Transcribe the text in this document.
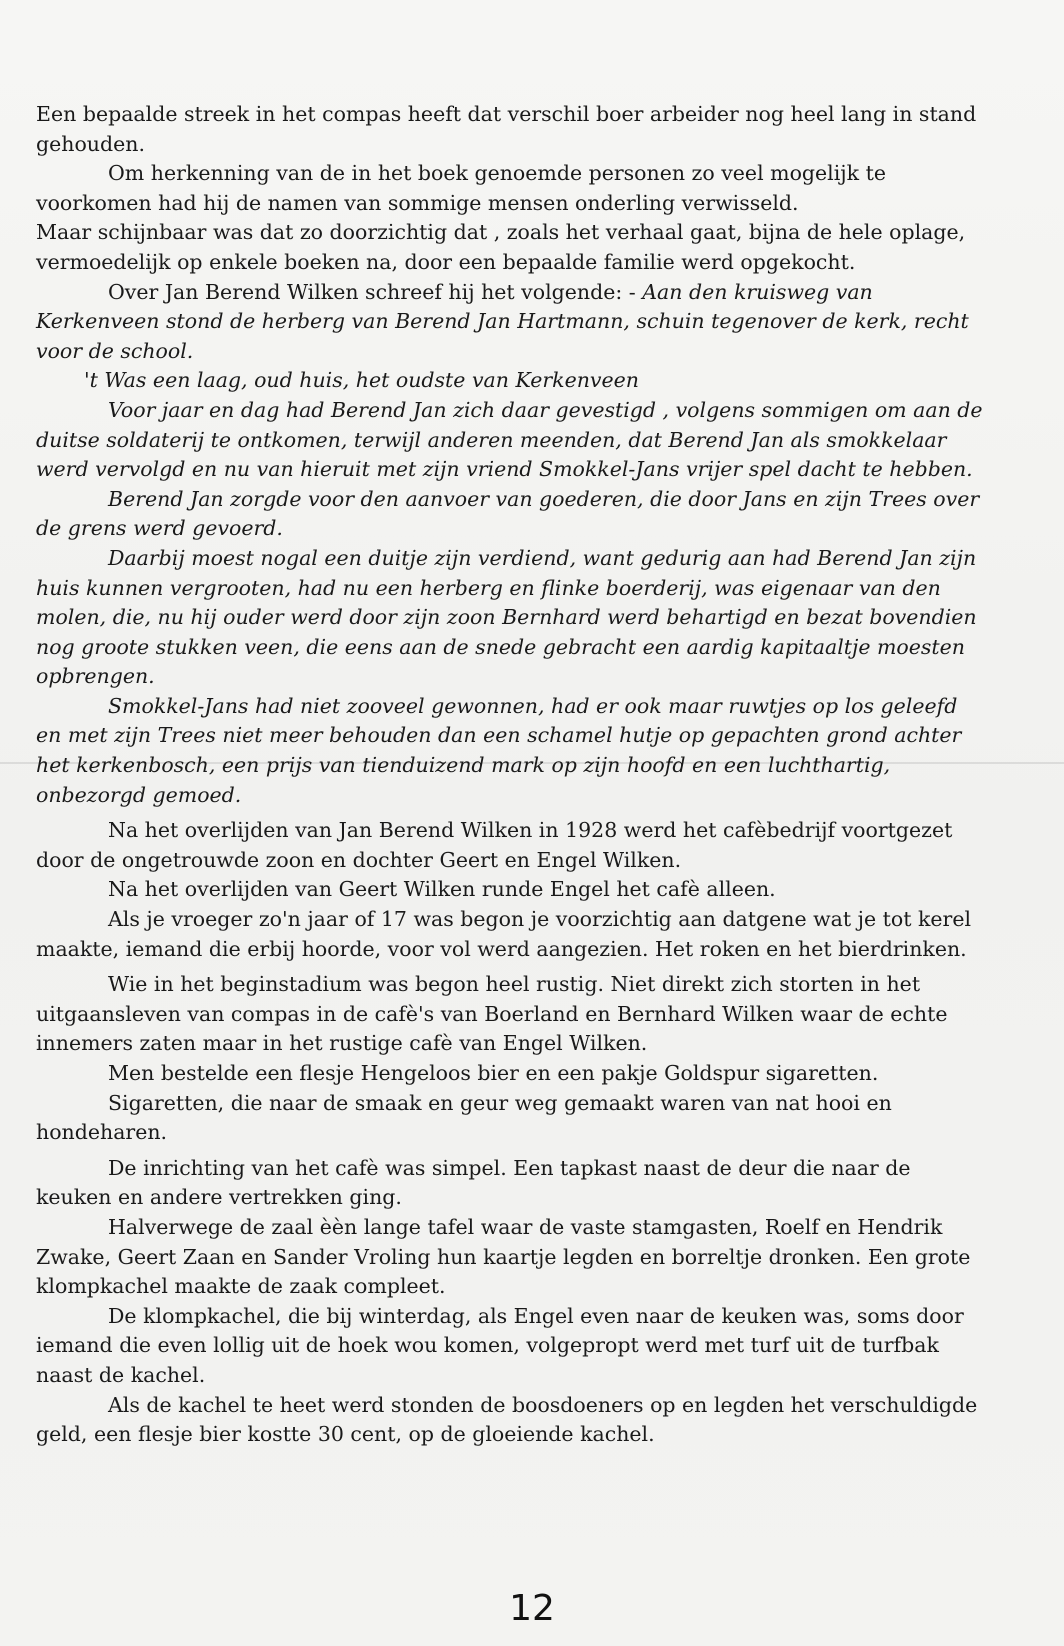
Een bepaalde streek in het compas heeft dat verschil boer arbeider nog heel lang in stand gehouden.

Om herkenning van de in het boek genoemde personen zo veel mogelijk te voorkomen had hij de namen van sommige mensen onderling verwisseld.

Maar schijnbaar was dat zo doorzichtig dat , zoals het verhaal gaat, bijna de hele oplage, vermoedelijk op enkele boeken na, door een bepaalde familie werd opgekocht.

Over Jan Berend Wilken schreef hij het volgende: - Aan den kruisweg van Kerkenveen stond de herberg van Berend Jan Hartmann, schuin tegenover de kerk, recht voor de school.

't Was een laag, oud huis, het oudste van Kerkenveen

Voor jaar en dag had Berend Jan zich daar gevestigd , volgens sommigen om aan de duitse soldaterij te ontkomen, terwijl anderen meenden, dat Berend Jan als smokkelaar werd vervolgd en nu van hieruit met zijn vriend Smokkel-Jans vrijer spel dacht te hebben.

Berend Jan zorgde voor den aanvoer van goederen, die door Jans en zijn Trees over de grens werd gevoerd.

Daarbij moest nogal een duitje zijn verdiend, want gedurig aan had Berend Jan zijn huis kunnen vergrooten, had nu een herberg en flinke boerderij, was eigenaar van den molen, die, nu hij ouder werd door zijn zoon Bernhard werd behartigd en bezat bovendien nog groote stukken veen, die eens aan de snede gebracht een aardig kapitaaltje moesten opbrengen.

Smokkel-Jans had niet zooveel gewonnen, had er ook maar ruwtjes op los geleefd en met zijn Trees niet meer behouden dan een schamel hutje op gepachten grond achter het kerkenbosch, een prijs van tienduizend mark op zijn hoofd en een luchthartig, onbezorgd gemoed.

Na het overlijden van Jan Berend Wilken in 1928 werd het cafèbedrijf voortgezet door de ongetrouwde zoon en dochter Geert en Engel Wilken.

Na het overlijden van Geert Wilken runde Engel het cafè alleen.

Als je vroeger zo'n jaar of 17 was begon je voorzichtig aan datgene wat je tot kerel maakte, iemand die erbij hoorde, voor vol werd aangezien. Het roken en het bierdrinken.

Wie in het beginstadium was begon heel rustig. Niet direkt zich storten in het uitgaansleven van compas in de cafè's van Boerland en Bernhard Wilken waar de echte innemers zaten maar in het rustige cafè van Engel Wilken.

Men bestelde een flesje Hengeloos bier en een pakje Goldspur sigaretten.

Sigaretten, die naar de smaak en geur weg gemaakt waren van nat hooi en hondeharen.

De inrichting van het cafè was simpel. Een tapkast naast de deur die naar de keuken en andere vertrekken ging.

Halverwege de zaal èèn lange tafel waar de vaste stamgasten, Roelf en Hendrik Zwake, Geert Zaan en Sander Vroling hun kaartje legden en borreltje dronken. Een grote klompkachel maakte de zaak compleet.

De klompkachel, die bij winterdag, als Engel even naar de keuken was, soms door iemand die even lollig uit de hoek wou komen, volgepropt werd met turf uit de turfbak naast de kachel.

Als de kachel te heet werd stonden de boosdoeners op en legden het verschuldigde geld, een flesje bier kostte 30 cent, op de gloeiende kachel.

12
